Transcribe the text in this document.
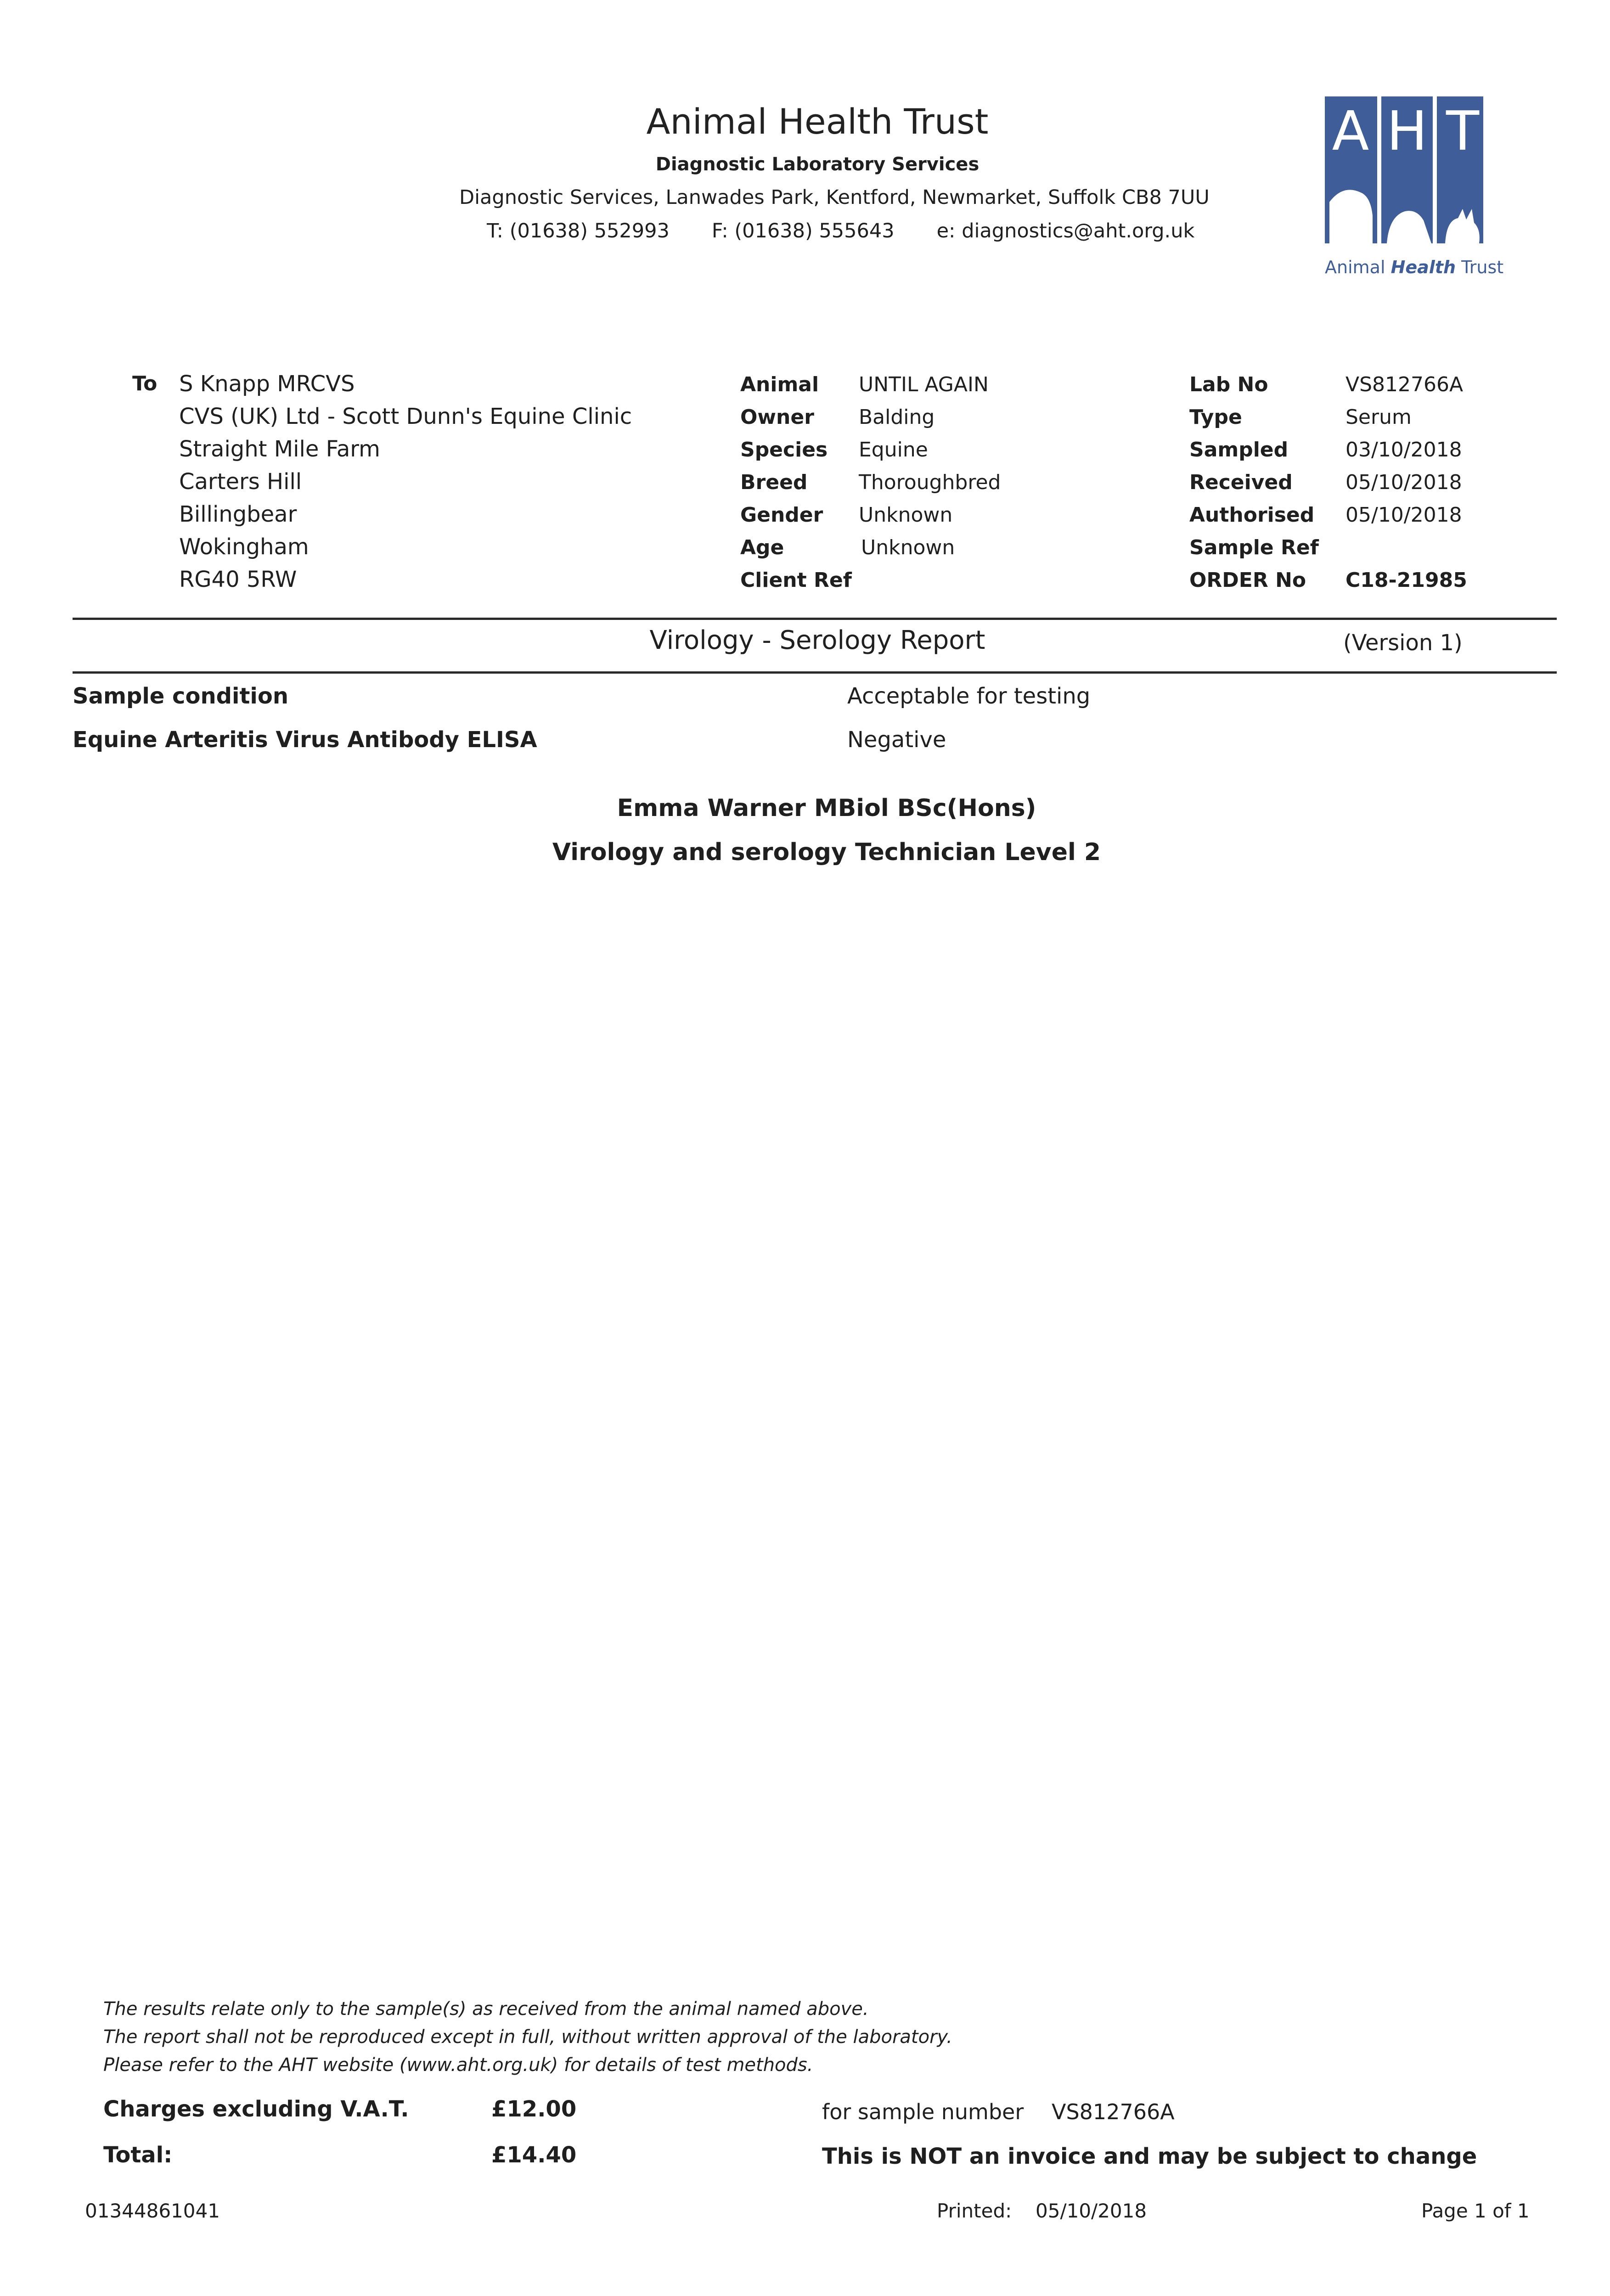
Animal Health Trust
Diagnostic Laboratory Services
Diagnostic Services, Lanwades Park, Kentford, Newmarket, Suffolk CB8 7UU
T: (01638) 552993 F: (01638) 555643 e: diagnostics@aht.org.uk
A H T
Animal Health Trust
To S Knapp MRCVS
CVS (UK) Ltd - Scott Dunn's Equine Clinic
Straight Mile Farm
Carters Hill
Billingbear
Wokingham
RG40 5RW
Animal UNTIL AGAIN
Owner Balding
Species Equine
Breed	Thoroughbred
Gender Unknown
Age	Unknown
Client Ref
Lab No	VS812766A
Type	Serum
Sampled	03/10/2018
Received	05/10/2018
Authorised 05/10/2018
Sample Ref
ORDER No C18-21985
Virology - Serology Report	(Version 1)
Sample condition	Acceptable for testing
Equine Arteritis Virus Antibody ELISA	Negative
Emma Warner MBiol BSc(Hons)
Virology and serology Technician Level 2
The results relate only to the sample(s) as received from the animal named above.
The report shall not be reproduced except in full, without written approval of the laboratory.
Please refer to the AHT website (www.aht.org.uk) for details of test methods.
Charges excluding V.A.T.	£12.00	for sample number VS812766A
Total:	£14.40	This is NOT an invoice and may be subject to change
01344861041	Printed: 05/10/2018	Page 1 of 1
